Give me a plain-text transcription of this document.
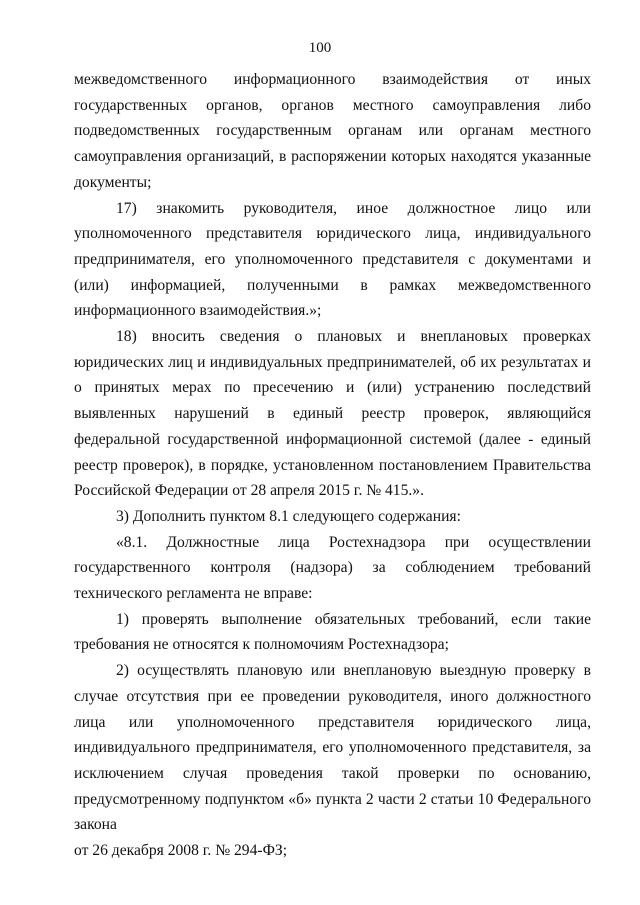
100

межведомственного информационного взаимодействия от иных государственных органов, органов местного самоуправления либо подведомственных государственным органам или органам местного самоуправления организаций, в распоряжении которых находятся указанные документы;

17) знакомить руководителя, иное должностное лицо или уполномоченного представителя юридического лица, индивидуального предпринимателя, его уполномоченного представителя с документами и (или) информацией, полученными в рамках межведомственного информационного взаимодействия.»;

18) вносить сведения о плановых и внеплановых проверках юридических лиц и индивидуальных предпринимателей, об их результатах и о принятых мерах по пресечению и (или) устранению последствий выявленных нарушений в единый реестр проверок, являющийся федеральной государственной информационной системой (далее - единый реестр проверок), в порядке, установленном постановлением Правительства Российской Федерации от 28 апреля 2015 г. № 415.».

3) Дополнить пунктом 8.1 следующего содержания:

«8.1. Должностные лица Ростехнадзора при осуществлении государственного контроля (надзора) за соблюдением требований технического регламента не вправе:

1) проверять выполнение обязательных требований, если такие требования не относятся к полномочиям Ростехнадзора;

2) осуществлять плановую или внеплановую выездную проверку в случае отсутствия при ее проведении руководителя, иного должностного лица или уполномоченного представителя юридического лица, индивидуального предпринимателя, его уполномоченного представителя, за исключением случая проведения такой проверки по основанию, предусмотренному подпунктом «б» пункта 2 части 2 статьи 10 Федерального закона

от 26 декабря 2008 г. № 294-ФЗ;
